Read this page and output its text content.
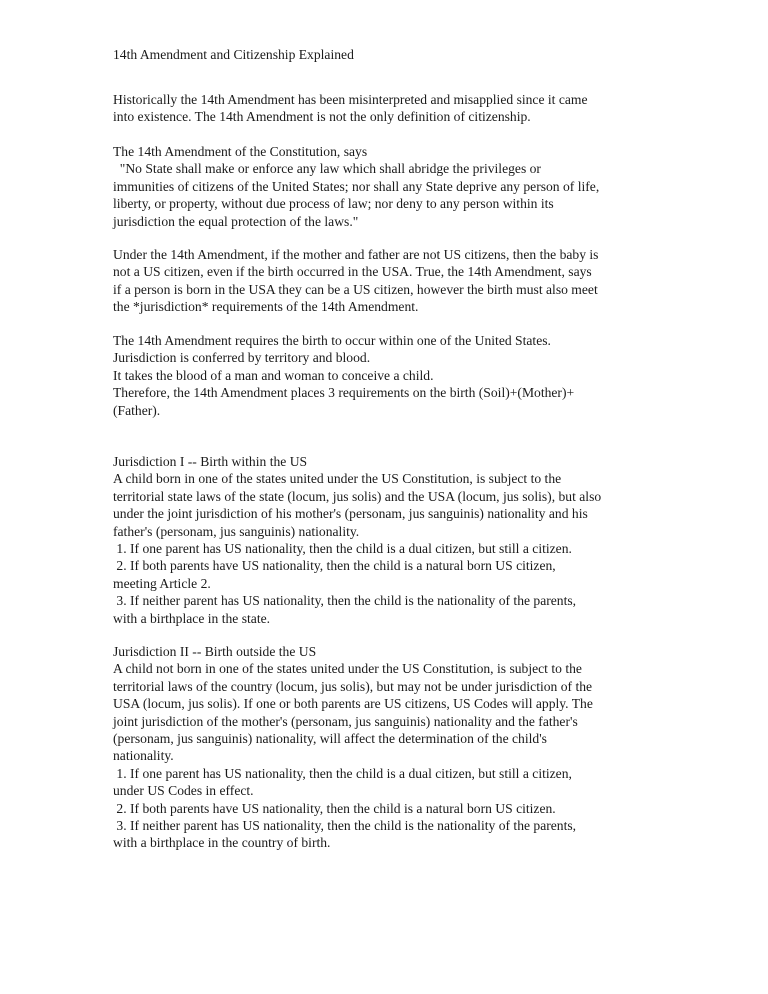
14th Amendment and Citizenship Explained
Historically the 14th Amendment has been misinterpreted and misapplied since it came
into existence. The 14th Amendment is not the only definition of citizenship.
The 14th Amendment of the Constitution, says
"No State shall make or enforce any law which shall abridge the privileges or
immunities of citizens of the United States; nor shall any State deprive any person of life,
liberty, or property, without due process of law; nor deny to any person within its
jurisdiction the equal protection of the laws."
Under the 14th Amendment, if the mother and father are not US citizens, then the baby is
not a US citizen, even if the birth occurred in the USA. True, the 14th Amendment, says
if a person is born in the USA they can be a US citizen, however the birth must also meet
the *jurisdiction* requirements of the 14th Amendment.
The 14th Amendment requires the birth to occur within one of the United States.
Jurisdiction is conferred by territory and blood.
It takes the blood of a man and woman to conceive a child.
Therefore, the 14th Amendment places 3 requirements on the birth (Soil)+(Mother)+
(Father).
Jurisdiction I -- Birth within the US
A child born in one of the states united under the US Constitution, is subject to the
territorial state laws of the state (locum, jus solis) and the USA (locum, jus solis), but also
under the joint jurisdiction of his mother's (personam, jus sanguinis) nationality and his
father's (personam, jus sanguinis) nationality.
1. If one parent has US nationality, then the child is a dual citizen, but still a citizen.
2. If both parents have US nationality, then the child is a natural born US citizen,
meeting Article 2.
3. If neither parent has US nationality, then the child is the nationality of the parents,
with a birthplace in the state.
Jurisdiction II -- Birth outside the US
A child not born in one of the states united under the US Constitution, is subject to the
territorial laws of the country (locum, jus solis), but may not be under jurisdiction of the
USA (locum, jus solis). If one or both parents are US citizens, US Codes will apply. The
joint jurisdiction of the mother's (personam, jus sanguinis) nationality and the father's
(personam, jus sanguinis) nationality, will affect the determination of the child's
nationality.
1. If one parent has US nationality, then the child is a dual citizen, but still a citizen,
under US Codes in effect.
2. If both parents have US nationality, then the child is a natural born US citizen.
3. If neither parent has US nationality, then the child is the nationality of the parents,
with a birthplace in the country of birth.
